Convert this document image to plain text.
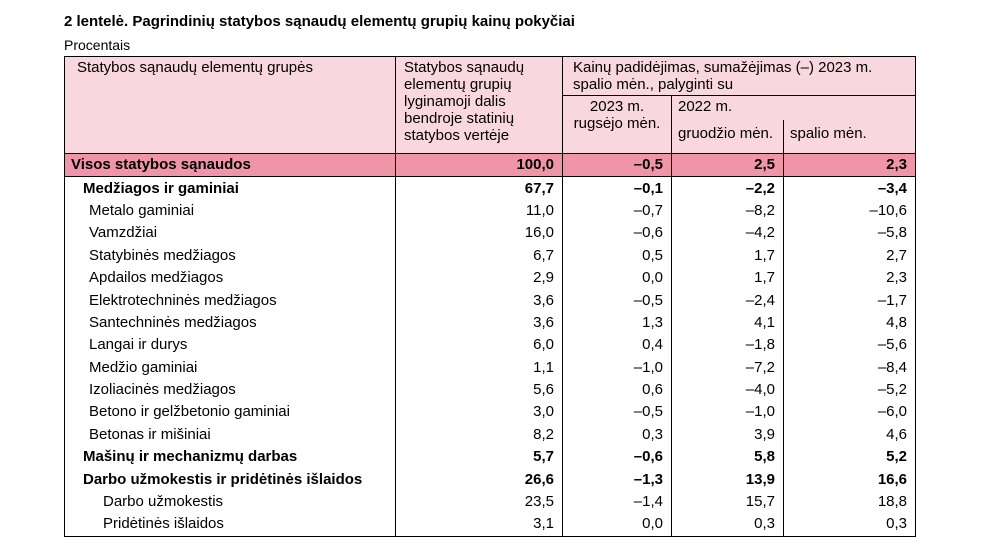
2 lentelė. Pagrindinių statybos sąnaudų elementų grupių kainų pokyčiai
Procentais
Statybos sąnaudų elementų grupės	Statybos sąnaudų elementų grupių lyginamoji dalis bendroje statinių statybos vertėje	Kainų padidėjimas, sumažėjimas (–) 2023 m. spalio mėn., palyginti su		
		2023 m. rugsėjo mėn.	2022 m.	
			gruodžio mėn.	spalio mėn.
Visos statybos sąnaudos	100,0	–0,5	2,5	2,3
Medžiagos ir gaminiai	67,7	–0,1	–2,2	–3,4
Metalo gaminiai	11,0	–0,7	–8,2	–10,6
Vamzdžiai	16,0	–0,6	–4,2	–5,8
Statybinės medžiagos	6,7	0,5	1,7	2,7
Apdailos medžiagos	2,9	0,0	1,7	2,3
Elektrotechninės medžiagos	3,6	–0,5	–2,4	–1,7
Santechninės medžiagos	3,6	1,3	4,1	4,8
Langai ir durys	6,0	0,4	–1,8	–5,6
Medžio gaminiai	1,1	–1,0	–7,2	–8,4
Izoliacinės medžiagos	5,6	0,6	–4,0	–5,2
Betono ir gelžbetonio gaminiai	3,0	–0,5	–1,0	–6,0
Betonas ir mišiniai	8,2	0,3	3,9	4,6
Mašinų ir mechanizmų darbas	5,7	–0,6	5,8	5,2
Darbo užmokestis ir pridėtinės išlaidos	26,6	–1,3	13,9	16,6
Darbo užmokestis	23,5	–1,4	15,7	18,8
Pridėtinės išlaidos	3,1	0,0	0,3	0,3
